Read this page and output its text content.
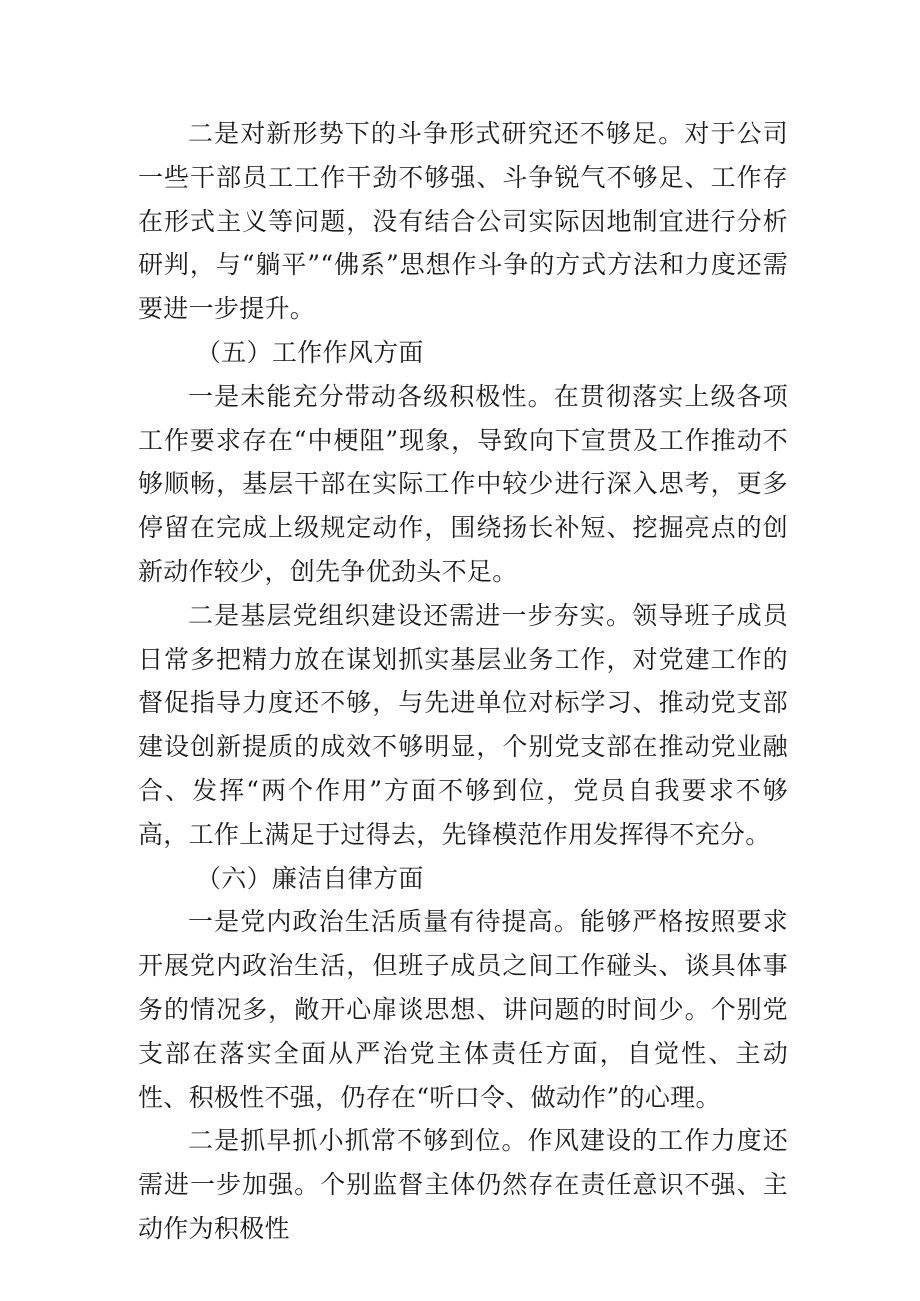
二是对新形势下的斗争形式研究还不够足。对于公司一些干部员工工作干劲不够强、斗争锐气不够足、工作存在形式主义等问题，没有结合公司实际因地制宜进行分析研判，与“躺平”“佛系”思想作斗争的方式方法和力度还需要进一步提升。

（五）工作作风方面

一是未能充分带动各级积极性。在贯彻落实上级各项工作要求存在“中梗阻”现象，导致向下宣贯及工作推动不够顺畅，基层干部在实际工作中较少进行深入思考，更多停留在完成上级规定动作，围绕扬长补短、挖掘亮点的创新动作较少，创先争优劲头不足。

二是基层党组织建设还需进一步夯实。领导班子成员日常多把精力放在谋划抓实基层业务工作，对党建工作的督促指导力度还不够，与先进单位对标学习、推动党支部建设创新提质的成效不够明显，个别党支部在推动党业融合、发挥“两个作用”方面不够到位，党员自我要求不够高，工作上满足于过得去，先锋模范作用发挥得不充分。

（六）廉洁自律方面

一是党内政治生活质量有待提高。能够严格按照要求开展党内政治生活，但班子成员之间工作碰头、谈具体事务的情况多，敞开心扉谈思想、讲问题的时间少。个别党支部在落实全面从严治党主体责任方面，自觉性、主动性、积极性不强，仍存在“听口令、做动作”的心理。

二是抓早抓小抓常不够到位。作风建设的工作力度还需进一步加强。个别监督主体仍然存在责任意识不强、主动作为积极性
